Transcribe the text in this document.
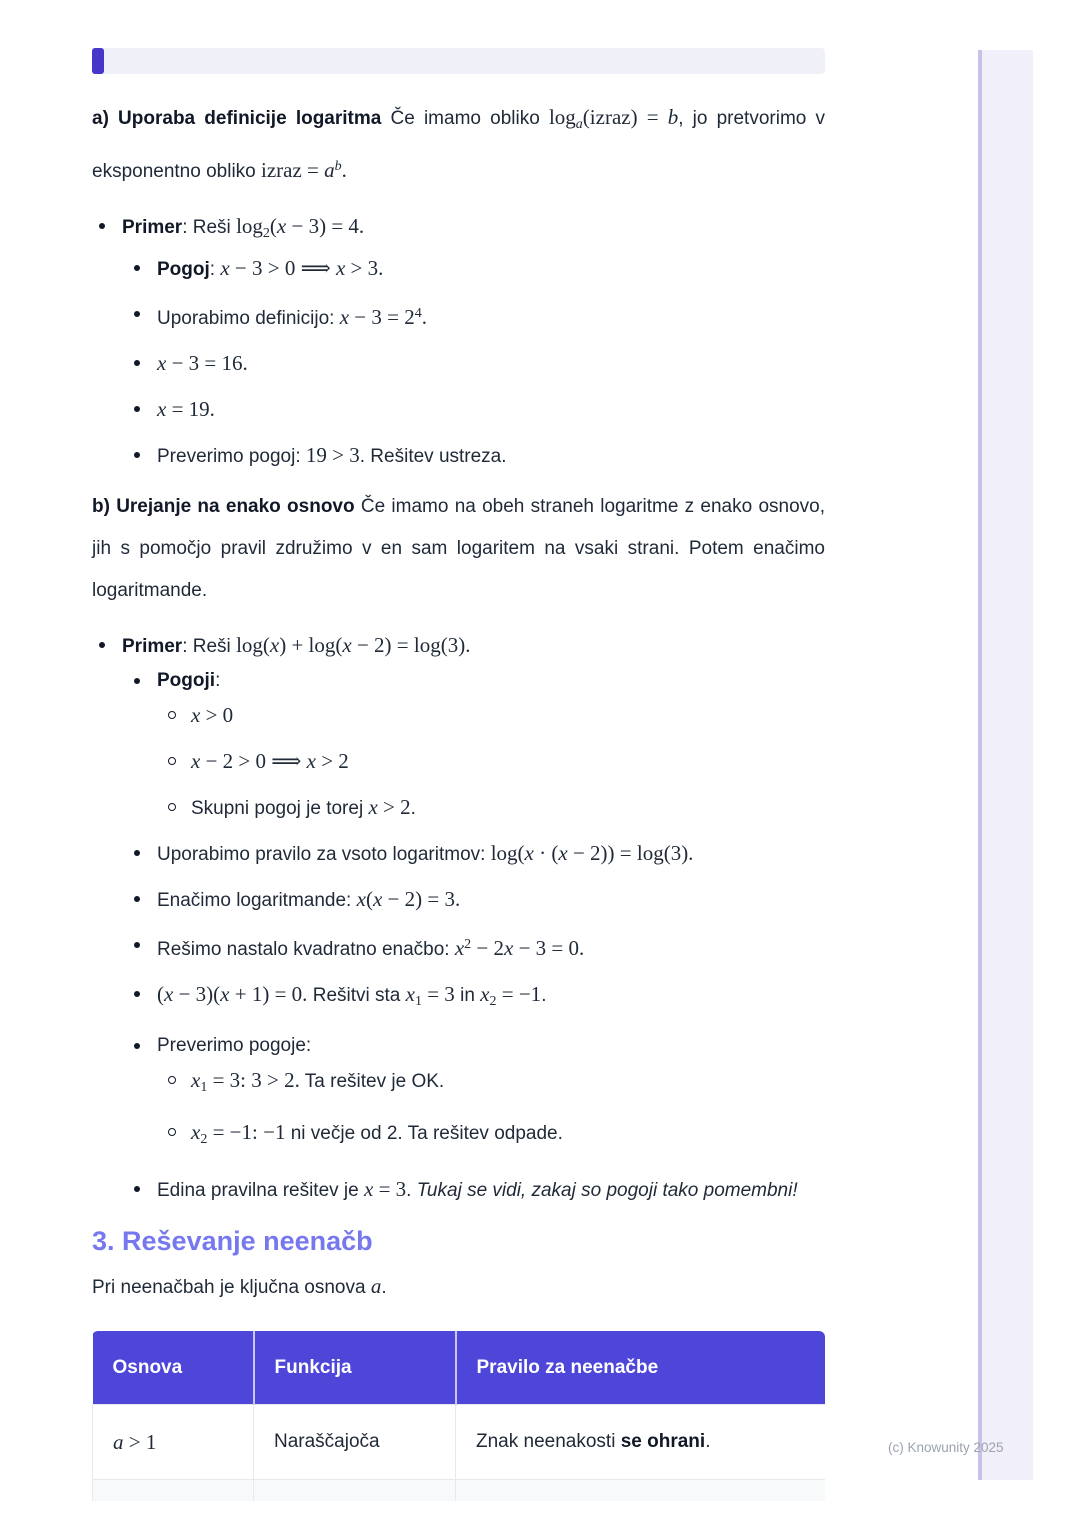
(c) Knowunity 2025
a) Uporaba definicije logaritma Če imamo obliko $\log_a(izraz) = b$, jo pretvorimo v eksponentno obliko izraz = $a^b$.
Primer: Reši $\log_2(x - 3) = 4$.
Pogoj: x − 3 > 0 ⟹ x > 3.
Uporabimo definicijo: $x - 3 = 2^4$.
x − 3 = 16.
x = 19.
Preverimo pogoj: 19 > 3. Rešitev ustreza.
b) Urejanje na enako osnovo Če imamo na obeh straneh logaritme z enako osnovo, jih s pomočjo pravil združimo v en sam logaritem na vsaki strani. Potem enačimo logaritmande.
Primer: Reši log(x) + log(x − 2) = log(3).
Pogoji:
x > 0
x − 2 > 0 ⟹ x > 2
Skupni pogoj je torej x > 2.
Uporabimo pravilo za vsoto logaritmov: log(x · (x − 2)) = log(3).
Enačimo logaritmande: x(x − 2) = 3.
Rešimo nastalo kvadratno enačbo: $x^2 - 2x - 3 = 0$.
(x − 3)(x + 1) = 0. Rešitvi sta $x_1 = 3$ in $x_2 = -1$.
Preverimo pogoje:
$x_1 = 3$: 3 > 2. Ta rešitev je OK.
$x_2 = -1$: −1 ni večje od 2. Ta rešitev odpade.
Edina pravilna rešitev je x = 3. Tukaj se vidi, zakaj so pogoji tako pomembni!
3. Reševanje neenačb
Pri neenačbah je ključna osnova a.
Osnova	Funkcija	Pravilo za neenačbe
a > 1	Naraščajoča	Znak neenakosti se ohrani.
